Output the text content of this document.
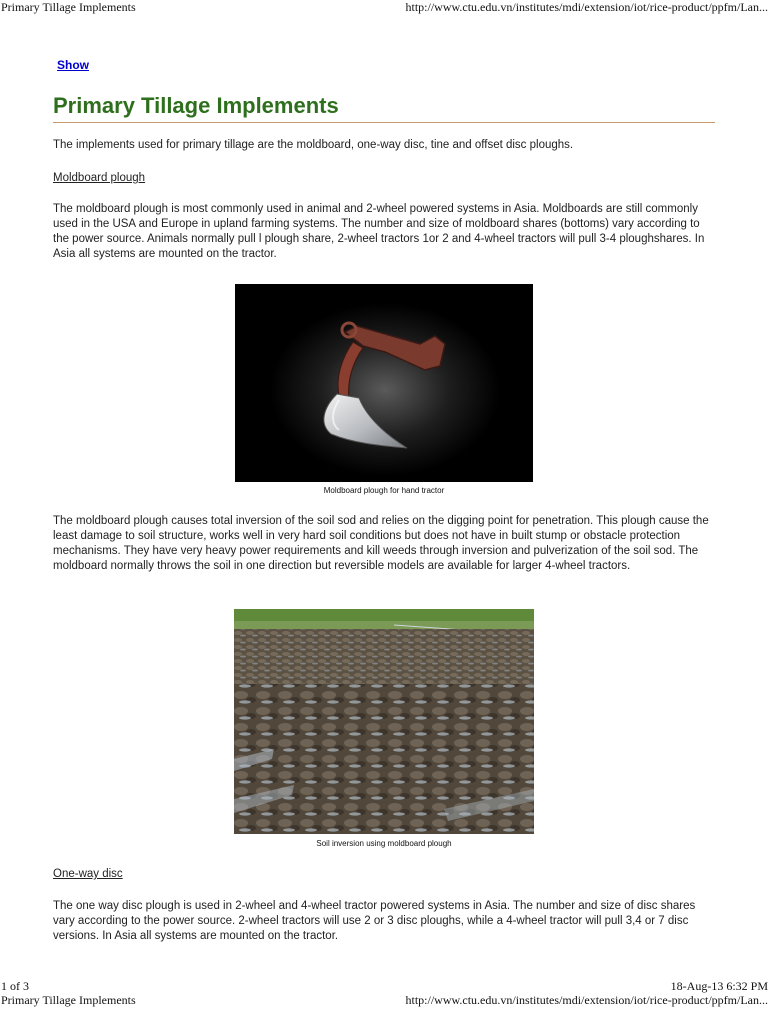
Primary Tillage Implements	http://www.ctu.edu.vn/institutes/mdi/extension/iot/rice-product/ppfm/Lan...
Show
Primary Tillage Implements

The implements used for primary tillage are the moldboard, one-way disc, tine and offset disc ploughs.

Moldboard plough

The moldboard plough is most commonly used in animal and 2-wheel powered systems in Asia. Moldboards are still commonly used in the USA and Europe in upland farming systems. The number and size of moldboard shares (bottoms) vary according to the power source. Animals normally pull l plough share, 2-wheel tractors 1or 2 and 4-wheel tractors will pull 3-4 ploughshares. In Asia all systems are mounted on the tractor.

Moldboard plough for hand tractor

The moldboard plough causes total inversion of the soil sod and relies on the digging point for penetration. This plough cause the least damage to soil structure, works well in very hard soil conditions but does not have in built stump or obstacle protection mechanisms. They have very heavy power requirements and kill weeds through inversion and pulverization of the soil sod. The moldboard normally throws the soil in one direction but reversible models are available for larger 4-wheel tractors.

Soil inversion using moldboard plough

One-way disc

The one way disc plough is used in 2-wheel and 4-wheel tractor powered systems in Asia. The number and size of disc shares vary according to the power source. 2-wheel tractors will use 2 or 3 disc ploughs, while a 4-wheel tractor will pull 3,4 or 7 disc versions. In Asia all systems are mounted on the tractor.

1 of 3	18-Aug-13 6:32 PM
Primary Tillage Implements	http://www.ctu.edu.vn/institutes/mdi/extension/iot/rice-product/ppfm/Lan...
